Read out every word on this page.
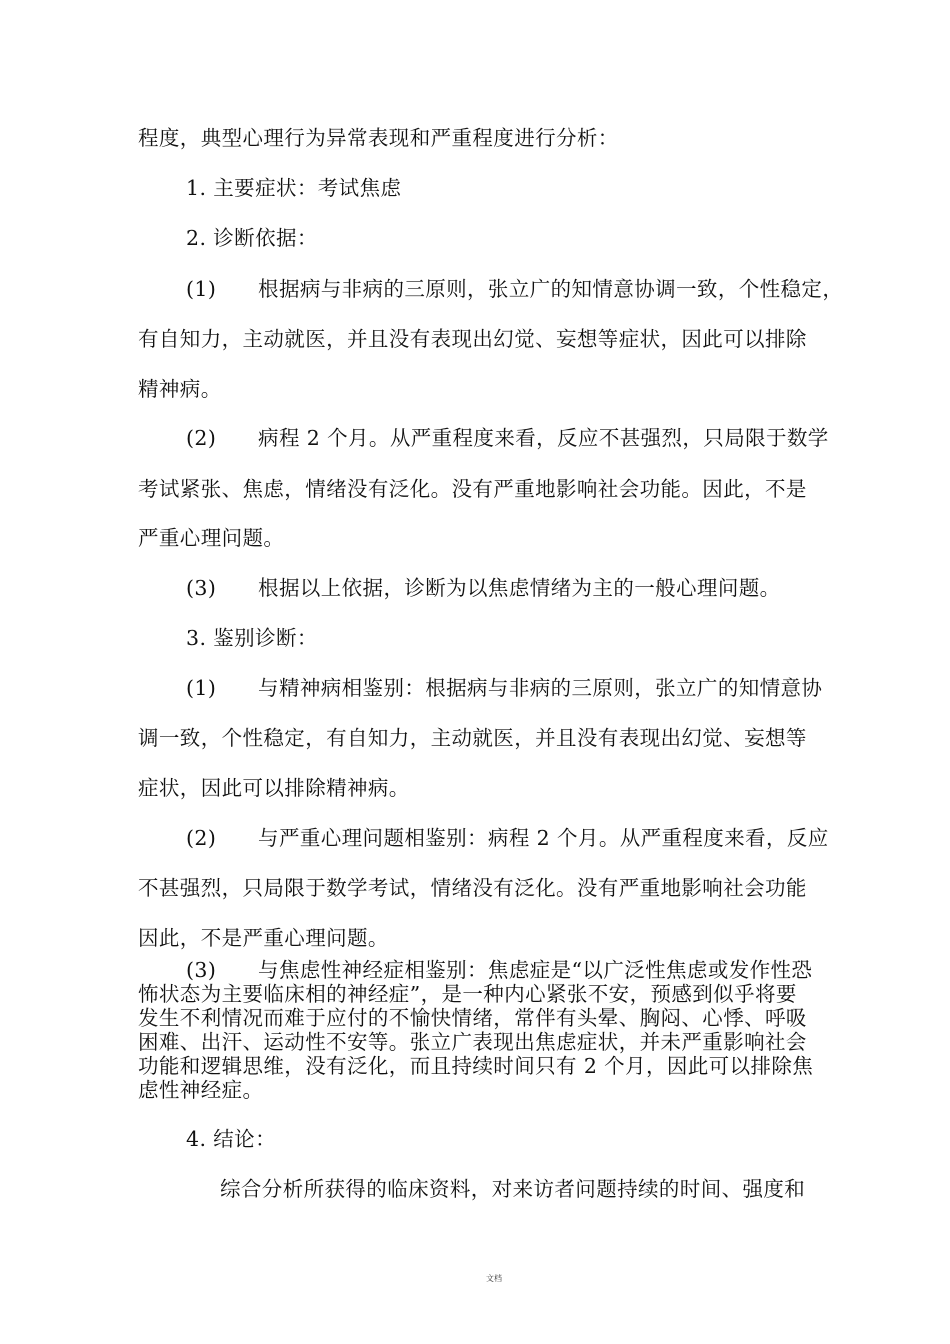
程度，典型心理行为异常表现和严重程度进行分析：
1. 主要症状：考试焦虑
2. 诊断依据：
(1)　　根据病与非病的三原则，张立广的知情意协调一致，个性稳定，
有自知力，主动就医，并且没有表现出幻觉、妄想等症状，因此可以排除
精神病。
(2)　　病程 2 个月。从严重程度来看，反应不甚强烈，只局限于数学
考试紧张、焦虑，情绪没有泛化。没有严重地影响社会功能。因此，不是
严重心理问题。
(3)　　根据以上依据，诊断为以焦虑情绪为主的一般心理问题。
3. 鉴别诊断：
(1)　　与精神病相鉴别：根据病与非病的三原则，张立广的知情意协
调一致，个性稳定，有自知力，主动就医，并且没有表现出幻觉、妄想等
症状，因此可以排除精神病。
(2)　　与严重心理问题相鉴别：病程 2 个月。从严重程度来看，反应
不甚强烈，只局限于数学考试，情绪没有泛化。没有严重地影响社会功能
因此，不是严重心理问题。
(3)　　与焦虑性神经症相鉴别：焦虑症是“以广泛性焦虑或发作性恐
怖状态为主要临床相的神经症”，是一种内心紧张不安，预感到似乎将要
发生不利情况而难于应付的不愉快情绪，常伴有头晕、胸闷、心悸、呼吸
困难、出汗、运动性不安等。张立广表现出焦虑症状，并未严重影响社会
功能和逻辑思维，没有泛化，而且持续时间只有 2 个月，因此可以排除焦
虑性神经症。
4. 结论：
综合分析所获得的临床资料，对来访者问题持续的时间、强度和
文档
